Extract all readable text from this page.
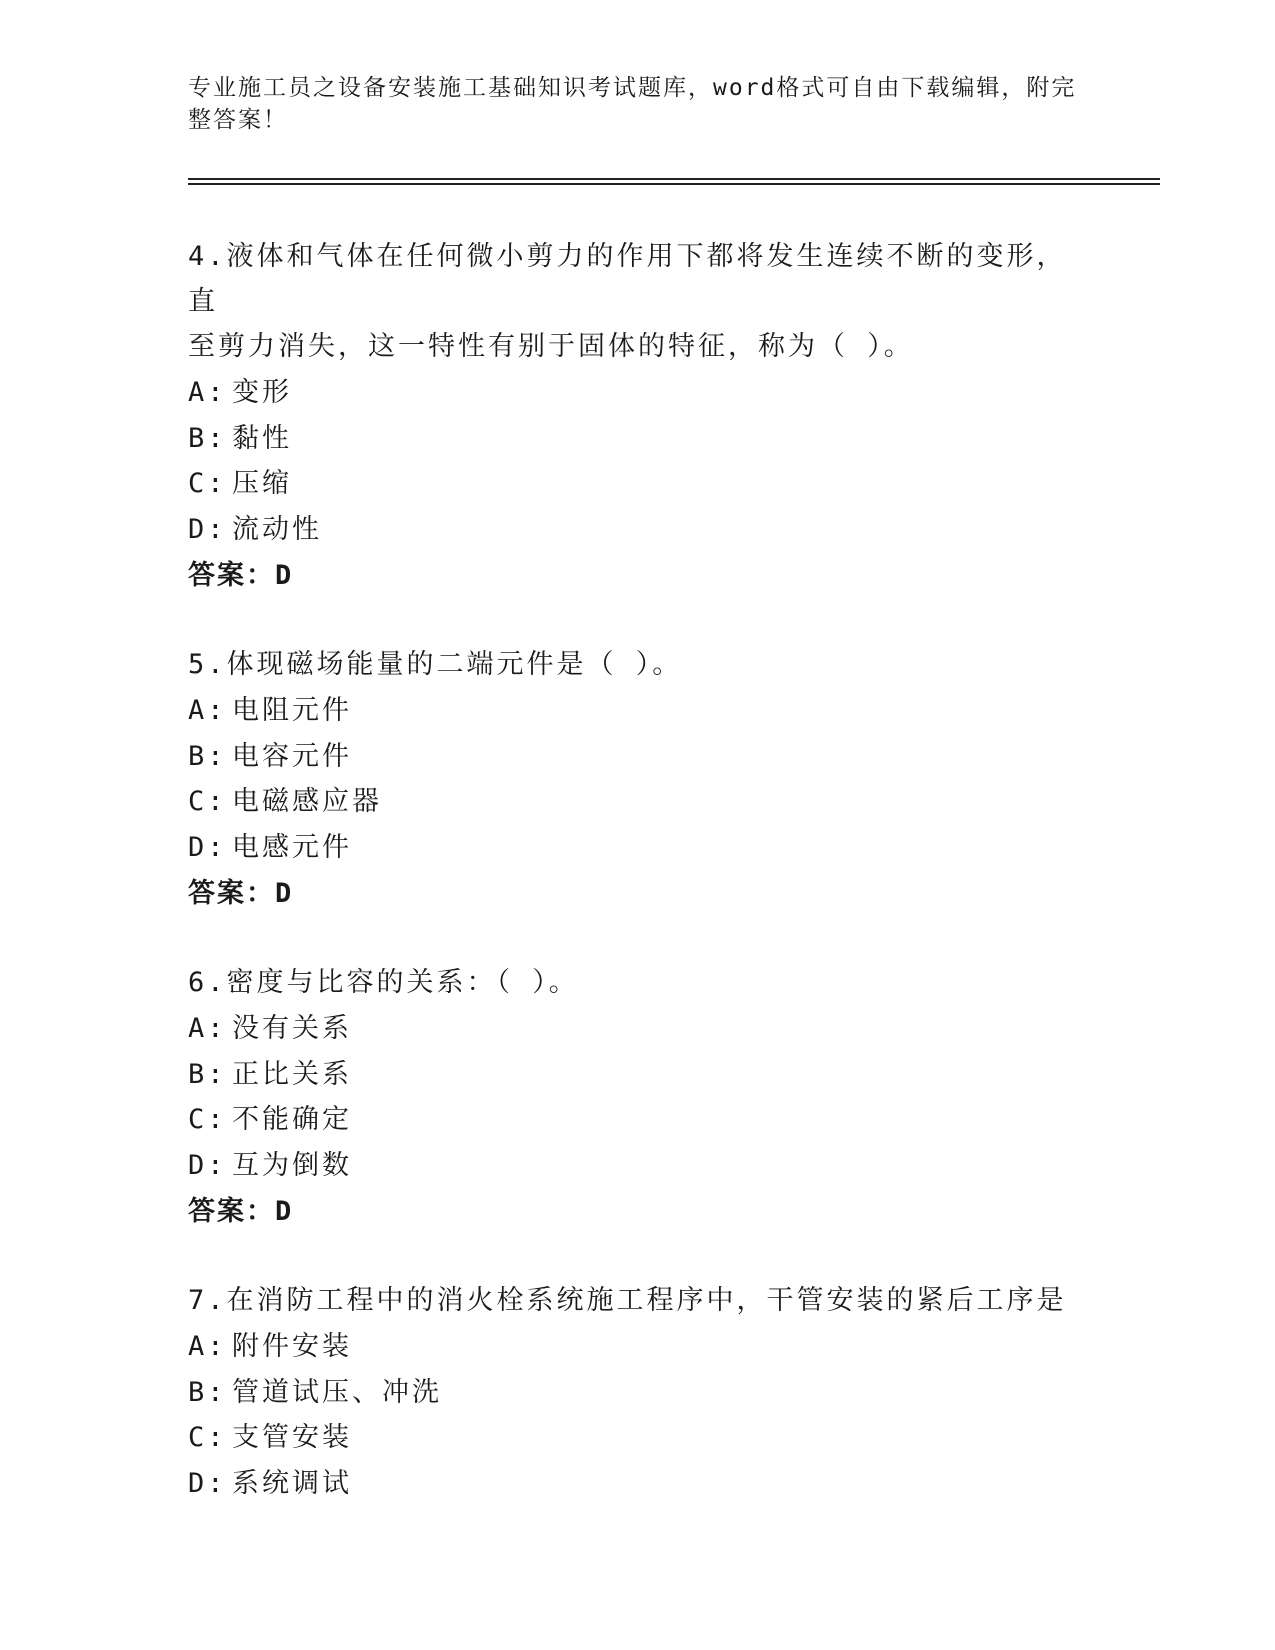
专业施工员之设备安装施工基础知识考试题库，word格式可自由下载编辑，附完
整答案！
4.液体和气体在任何微小剪力的作用下都将发生连续不断的变形，直
至剪力消失，这一特性有别于固体的特征，称为（ ）。
A: 变形
B: 黏性
C: 压缩
D: 流动性
答案：D
5.体现磁场能量的二端元件是（ ）。
A: 电阻元件
B: 电容元件
C: 电磁感应器
D: 电感元件
答案：D
6.密度与比容的关系：（ ）。
A: 没有关系
B: 正比关系
C: 不能确定
D: 互为倒数
答案：D
7.在消防工程中的消火栓系统施工程序中，干管安装的紧后工序是
A: 附件安装
B: 管道试压、冲洗
C: 支管安装
D: 系统调试
